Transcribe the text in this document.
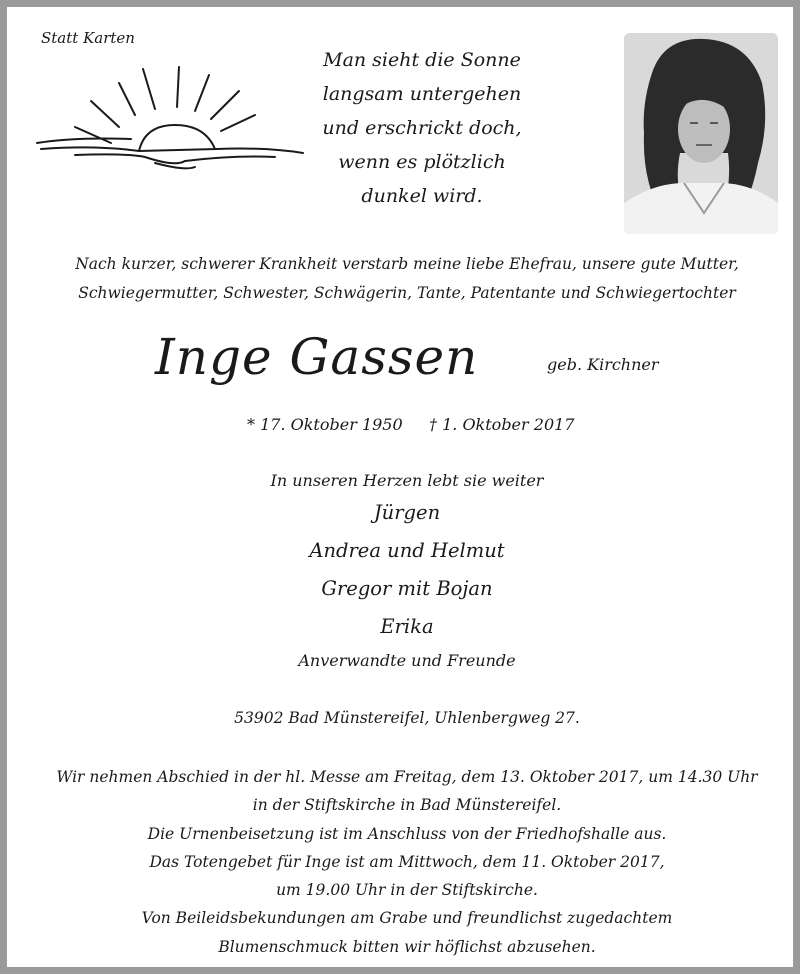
Statt Karten
Man sieht die Sonne
langsam untergehen
und erschrickt doch,
wenn es plötzlich
dunkel wird.
Nach kurzer, schwerer Krankheit verstarb meine liebe Ehefrau, unsere gute Mutter,
Schwiegermutter, Schwester, Schwägerin, Tante, Patentante und Schwiegertochter
Inge Gassen	geb. Kirchner
* 17. Oktober 1950 † 1. Oktober 2017
In unseren Herzen lebt sie weiter
Jürgen
Andrea und Helmut
Gregor mit Bojan
Erika
Anverwandte und Freunde
53902 Bad Münstereifel, Uhlenbergweg 27.
Wir nehmen Abschied in der hl. Messe am Freitag, dem 13. Oktober 2017, um 14.30 Uhr
in der Stiftskirche in Bad Münstereifel.
Die Urnenbeisetzung ist im Anschluss von der Friedhofshalle aus.
Das Totengebet für Inge ist am Mittwoch, dem 11. Oktober 2017,
um 19.00 Uhr in der Stiftskirche.
Von Beileidsbekundungen am Grabe und freundlichst zugedachtem
Blumenschmuck bitten wir höflichst abzusehen.
